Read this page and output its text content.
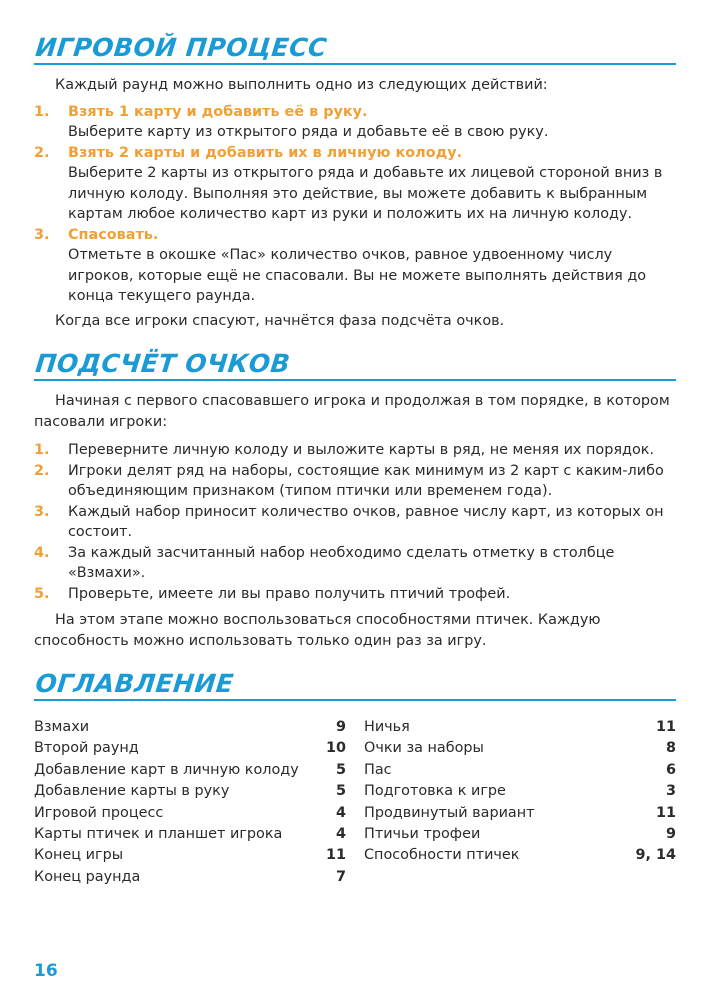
ИГРОВОЙ ПРОЦЕСС

Каждый раунд можно выполнить одно из следующих действий:

1. Взять 1 карту и добавить её в руку.
Выберите карту из открытого ряда и добавьте её в свою руку.
2. Взять 2 карты и добавить их в личную колоду.
Выберите 2 карты из открытого ряда и добавьте их лицевой стороной вниз в личную колоду. Выполняя это действие, вы можете добавить к выбранным картам любое количество карт из руки и положить их на личную колоду.
3. Спасовать.
Отметьте в окошке «Пас» количество очков, равное удвоенному числу игроков, которые ещё не спасовали. Вы не можете выполнять действия до конца текущего раунда.

Когда все игроки спасуют, начнётся фаза подсчёта очков.

ПОДСЧЁТ ОЧКОВ

Начиная с первого спасовавшего игрока и продолжая в том порядке, в котором пасовали игроки:

1. Переверните личную колоду и выложите карты в ряд, не меняя их порядок.
2. Игроки делят ряд на наборы, состоящие как минимум из 2 карт с каким-либо объединяющим признаком (типом птички или временем года).
3. Каждый набор приносит количество очков, равное числу карт, из которых он состоит.
4. За каждый засчитанный набор необходимо сделать отметку в столбце «Взмахи».
5. Проверьте, имеете ли вы право получить птичий трофей.

На этом этапе можно воспользоваться способностями птичек. Каждую способность можно использовать только один раз за игру.

ОГЛАВЛЕНИЕ
Взмахи	9
Второй раунд	10
Добавление карт в личную колоду	5
Добавление карты в руку	5
Игровой процесс	4
Карты птичек и планшет игрока	4
Конец игры	11
Конец раунда	7
Ничья	11
Очки за наборы	8
Пас	6
Подготовка к игре	3
Продвинутый вариант	11
Птичьи трофеи	9
Способности птичек	9, 14
16
